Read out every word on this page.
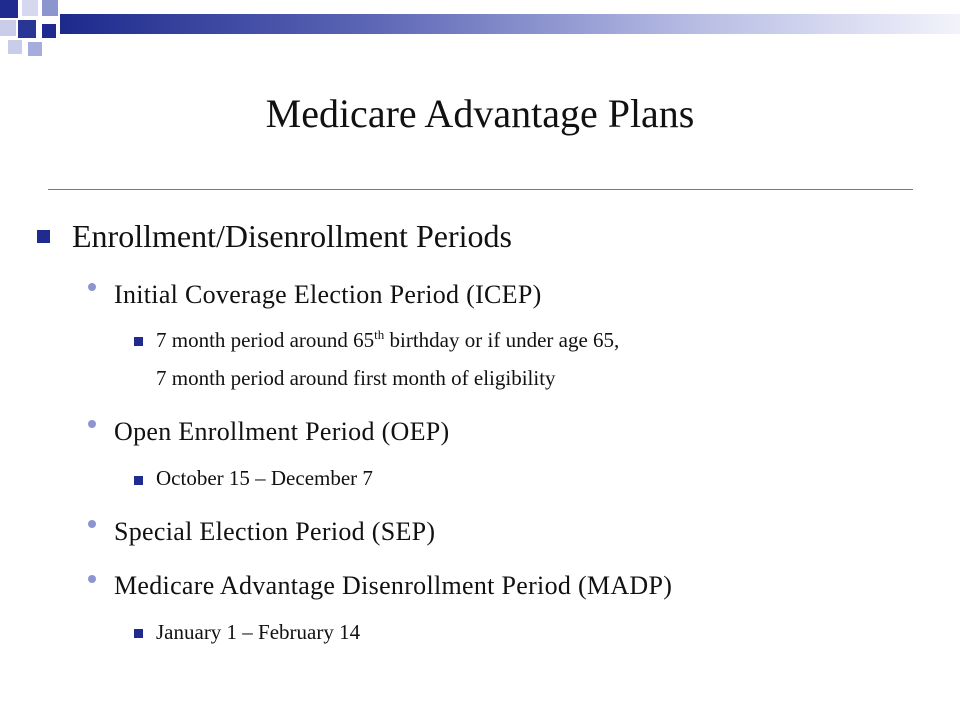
Medicare Advantage Plans
Enrollment/Disenrollment Periods
Initial Coverage Election Period (ICEP)
7 month period around 65th birthday or if under age 65,
7 month period around first month of eligibility
Open Enrollment Period (OEP)
October 15 – December 7
Special Election Period (SEP)
Medicare Advantage Disenrollment Period (MADP)
January 1 – February 14
